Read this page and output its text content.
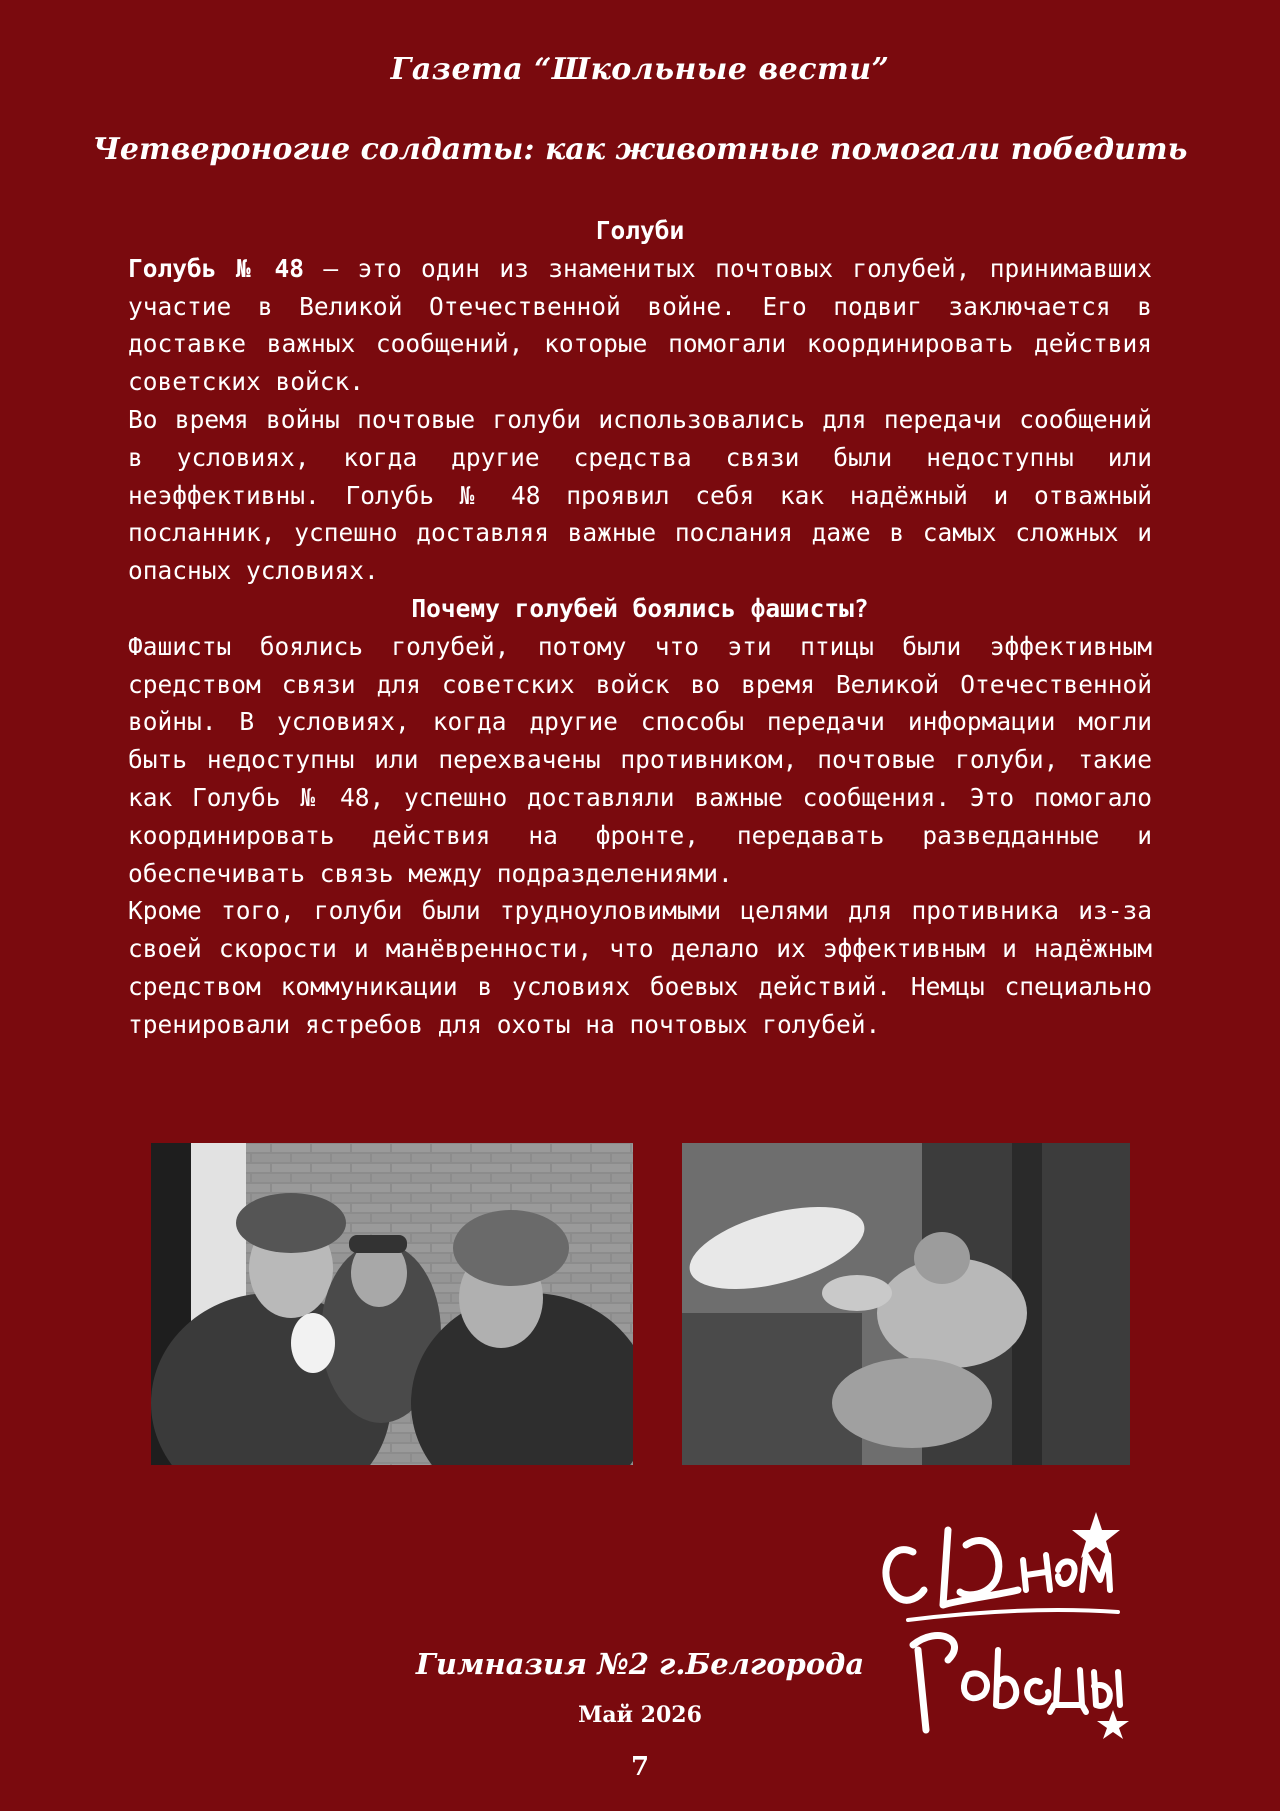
Газета “Школьные вести”
Четвероногие солдаты: как животные помогали победить

Голуби

Голубь № 48 – это один из знаменитых почтовых голубей, принимавших участие в Великой Отечественной войне. Его подвиг заключается в доставке важных сообщений, которые помогали координировать действия советских войск.

Во время войны почтовые голуби использовались для передачи сообщений в условиях, когда другие средства связи были недоступны или неэффективны. Голубь № 48 проявил себя как надёжный и отважный посланник, успешно доставляя важные послания даже в самых сложных и опасных условиях.

Почему голубей боялись фашисты?

Фашисты боялись голубей, потому что эти птицы были эффективным средством связи для советских войск во время Великой Отечественной войны. В условиях, когда другие способы передачи информации могли быть недоступны или перехвачены противником, почтовые голуби, такие как Голубь № 48, успешно доставляли важные сообщения. Это помогало координировать действия на фронте, передавать разведданные и обеспечивать связь между подразделениями.

Кроме того, голуби были трудноуловимыми целями для противника из-за своей скорости и манёвренности, что делало их эффективным и надёжным средством коммуникации в условиях боевых действий. Немцы специально тренировали ястребов для охоты на почтовых голубей.

Гимназия №2 г.Белгорода
Май 2026
7
